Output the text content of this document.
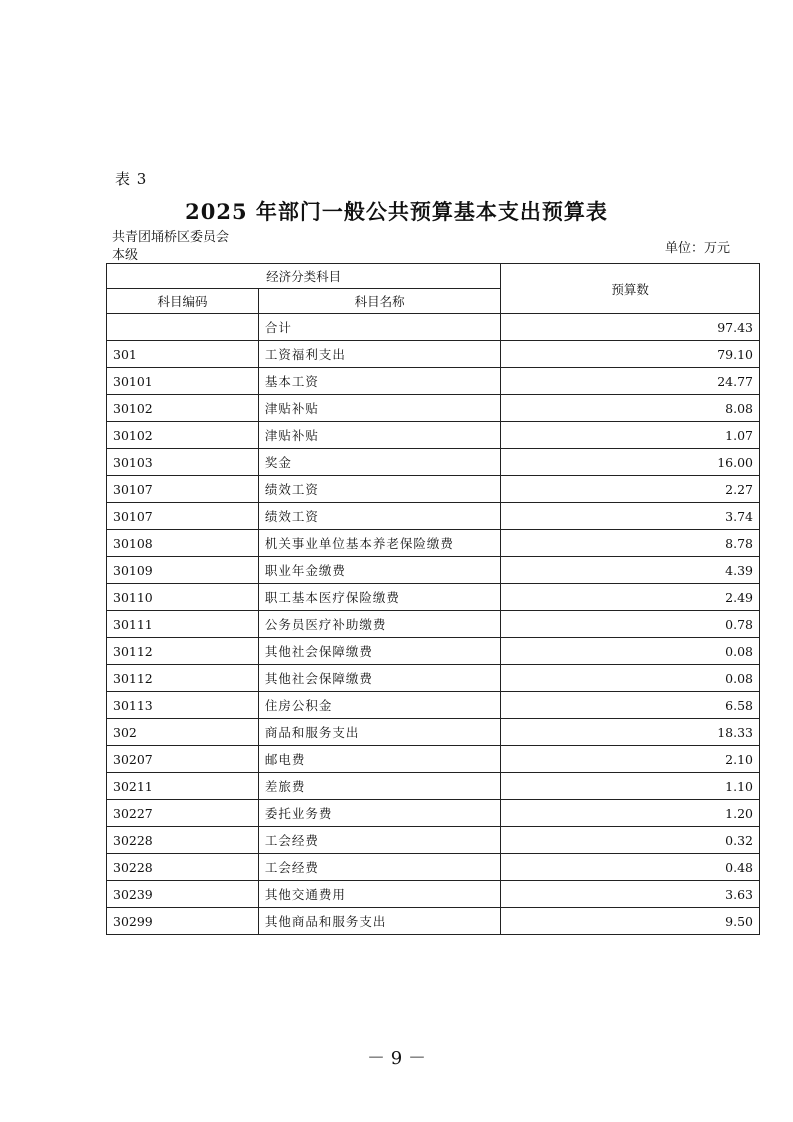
表 3
2025 年部门一般公共预算基本支出预算表
共青团埇桥区委员会
本级	单位：万元
经济分类科目		预算数
科目编码	科目名称	
	合计	97.43
301	工资福利支出	79.10
30101	基本工资	24.77
30102	津贴补贴	8.08
30102	津贴补贴	1.07
30103	奖金	16.00
30107	绩效工资	2.27
30107	绩效工资	3.74
30108	机关事业单位基本养老保险缴费	8.78
30109	职业年金缴费	4.39
30110	职工基本医疗保险缴费	2.49
30111	公务员医疗补助缴费	0.78
30112	其他社会保障缴费	0.08
30112	其他社会保障缴费	0.08
30113	住房公积金	6.58
302	商品和服务支出	18.33
30207	邮电费	2.10
30211	差旅费	1.10
30227	委托业务费	1.20
30228	工会经费	0.32
30228	工会经费	0.48
30239	其他交通费用	3.63
30299	其他商品和服务支出	9.50
－ 9 －
